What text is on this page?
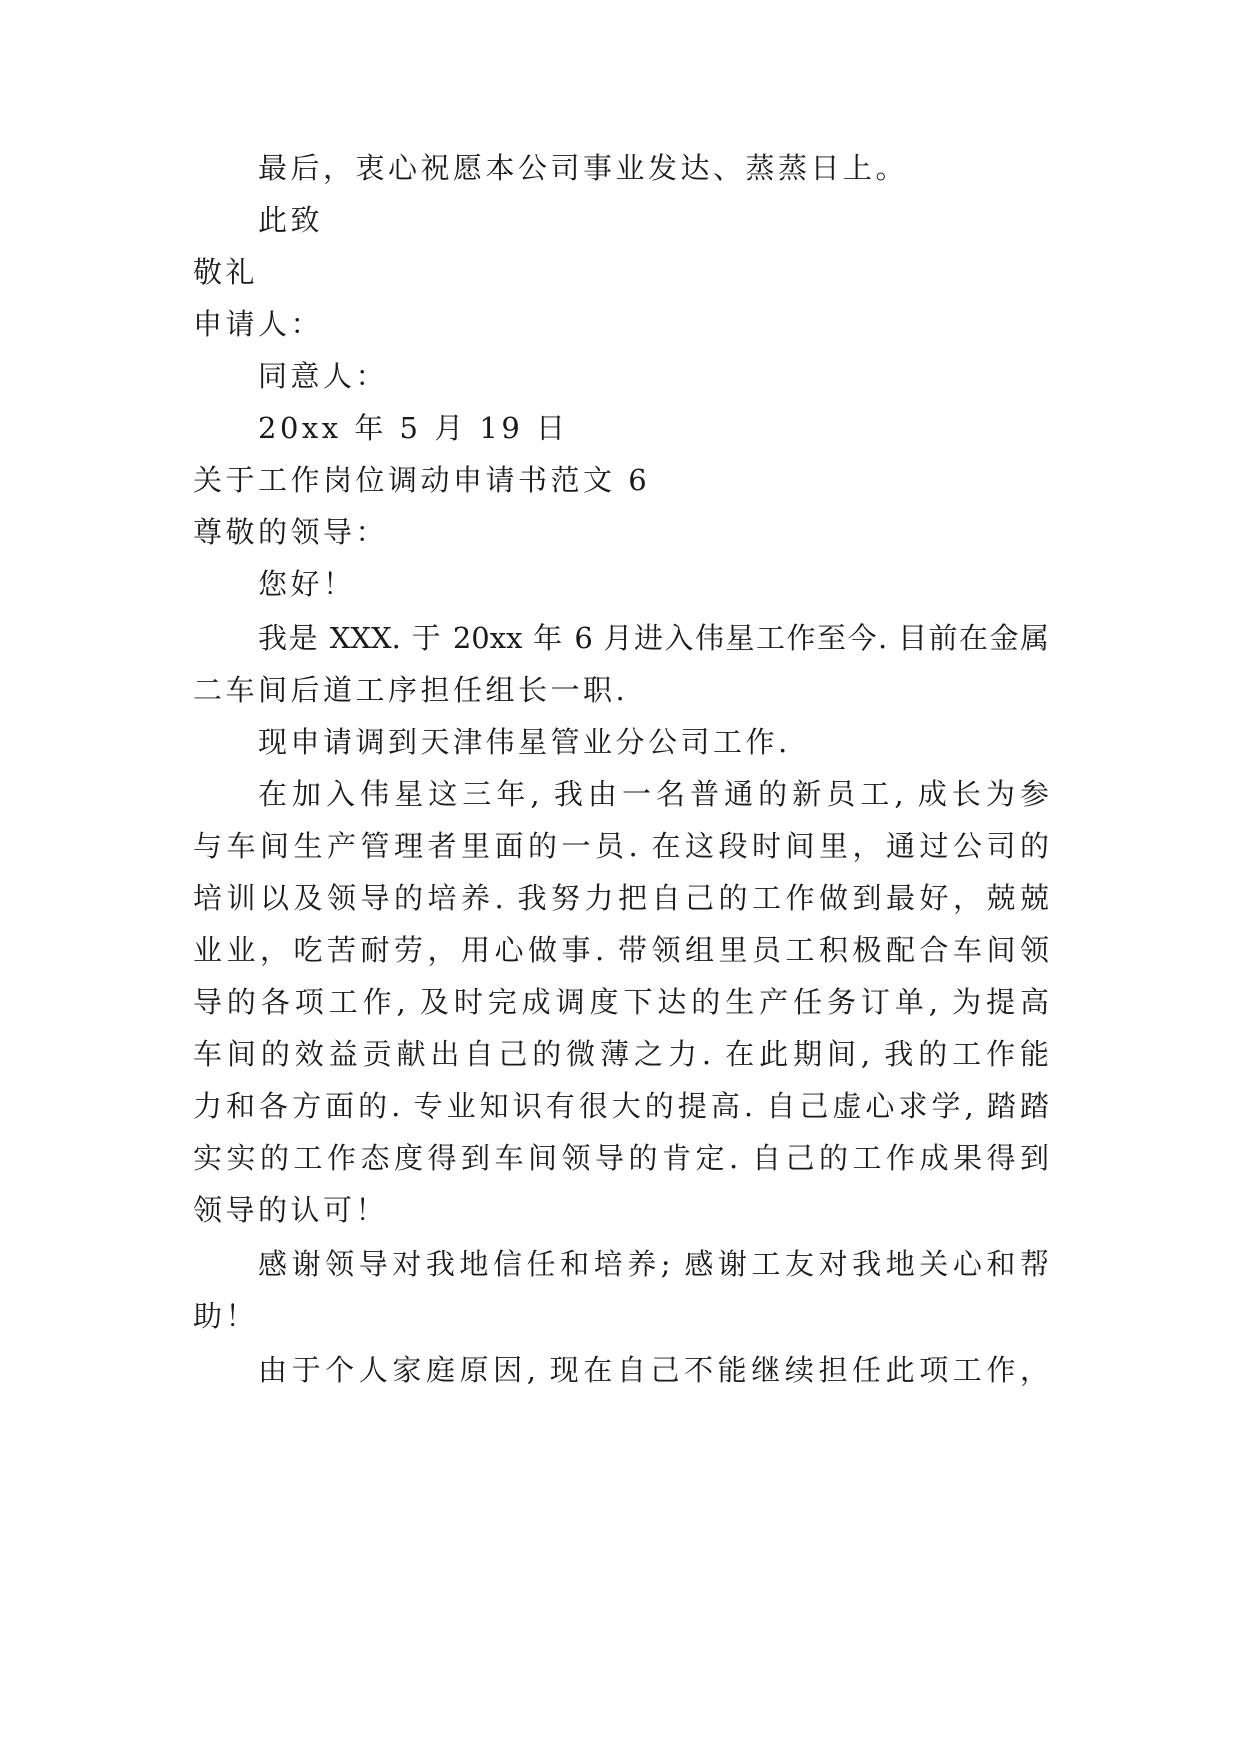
最后，衷心祝愿本公司事业发达、蒸蒸日上。
此致
敬礼
申请人：
同意人：
20xx 年 5 月 19 日
关于工作岗位调动申请书范文 6
尊敬的领导：
您好！
我是 XXX. 于 20xx 年 6 月进入伟星工作至今. 目前在金属
二车间后道工序担任组长一职.
现申请调到天津伟星管业分公司工作.
在加入伟星这三年, 我由一名普通的新员工, 成长为参
与车间生产管理者里面的一员. 在这段时间里，通过公司的
培训以及领导的培养. 我努力把自己的工作做到最好，兢兢
业业，吃苦耐劳，用心做事. 带领组里员工积极配合车间领
导的各项工作, 及时完成调度下达的生产任务订单, 为提高
车间的效益贡献出自己的微薄之力. 在此期间, 我的工作能
力和各方面的. 专业知识有很大的提高. 自己虚心求学, 踏踏
实实的工作态度得到车间领导的肯定. 自己的工作成果得到
领导的认可！
感谢领导对我地信任和培养; 感谢工友对我地关心和帮
助！
由于个人家庭原因, 现在自己不能继续担任此项工作，
